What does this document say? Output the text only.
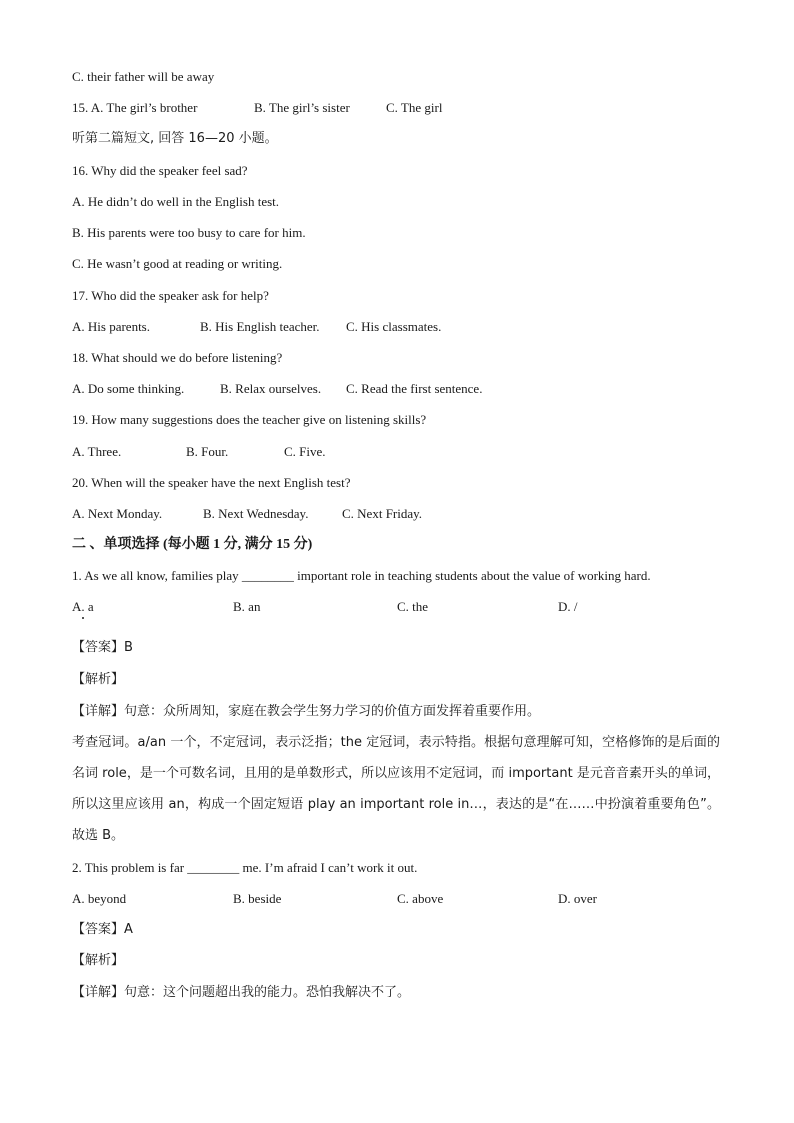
C. their father will be away
15. A. The girl’s brother	B. The girl’s sister	C. The girl
听第二篇短文, 回答 16—20 小题。
16. Why did the speaker feel sad?
A. He didn’t do well in the English test.
B. His parents were too busy to care for him.
C. He wasn’t good at reading or writing.
17. Who did the speaker ask for help?
A. His parents.	B. His English teacher. C. His classmates.
18. What should we do before listening?
A. Do some thinking.	B. Relax ourselves. C. Read the first sentence.
19. How many suggestions does the teacher give on listening skills?
A. Three.	B. Four.	C. Five.
20. When will the speaker have the next English test?
A. Next Monday.	B. Next Wednesday.	C. Next Friday.
二 、单项选择 (每小题 1 分, 满分 15 分)
1. As we all know, families play ________ important role in teaching students about the value of working hard.
A. a	B. an	C. the	D. /
【答案】B
【解析】
【详解】句意：众所周知，家庭在教会学生努力学习的价值方面发挥着重要作用。
考查冠词。a/an 一个，不定冠词，表示泛指；the 定冠词，表示特指。根据句意理解可知，空格修饰的是后面的名词 role，是一个可数名词，且用的是单数形式，所以应该用不定冠词，而 important 是元音音素开头的单词，所以这里应该用 an，构成一个固定短语 play an important role in…，表达的是“在……中扮演着重要角色”。故选 B。
2. This problem is far ________ me. I’m afraid I can’t work it out.
A. beyond	B. beside	C. above	D. over
【答案】A
【解析】
【详解】句意：这个问题超出我的能力。恐怕我解决不了。
